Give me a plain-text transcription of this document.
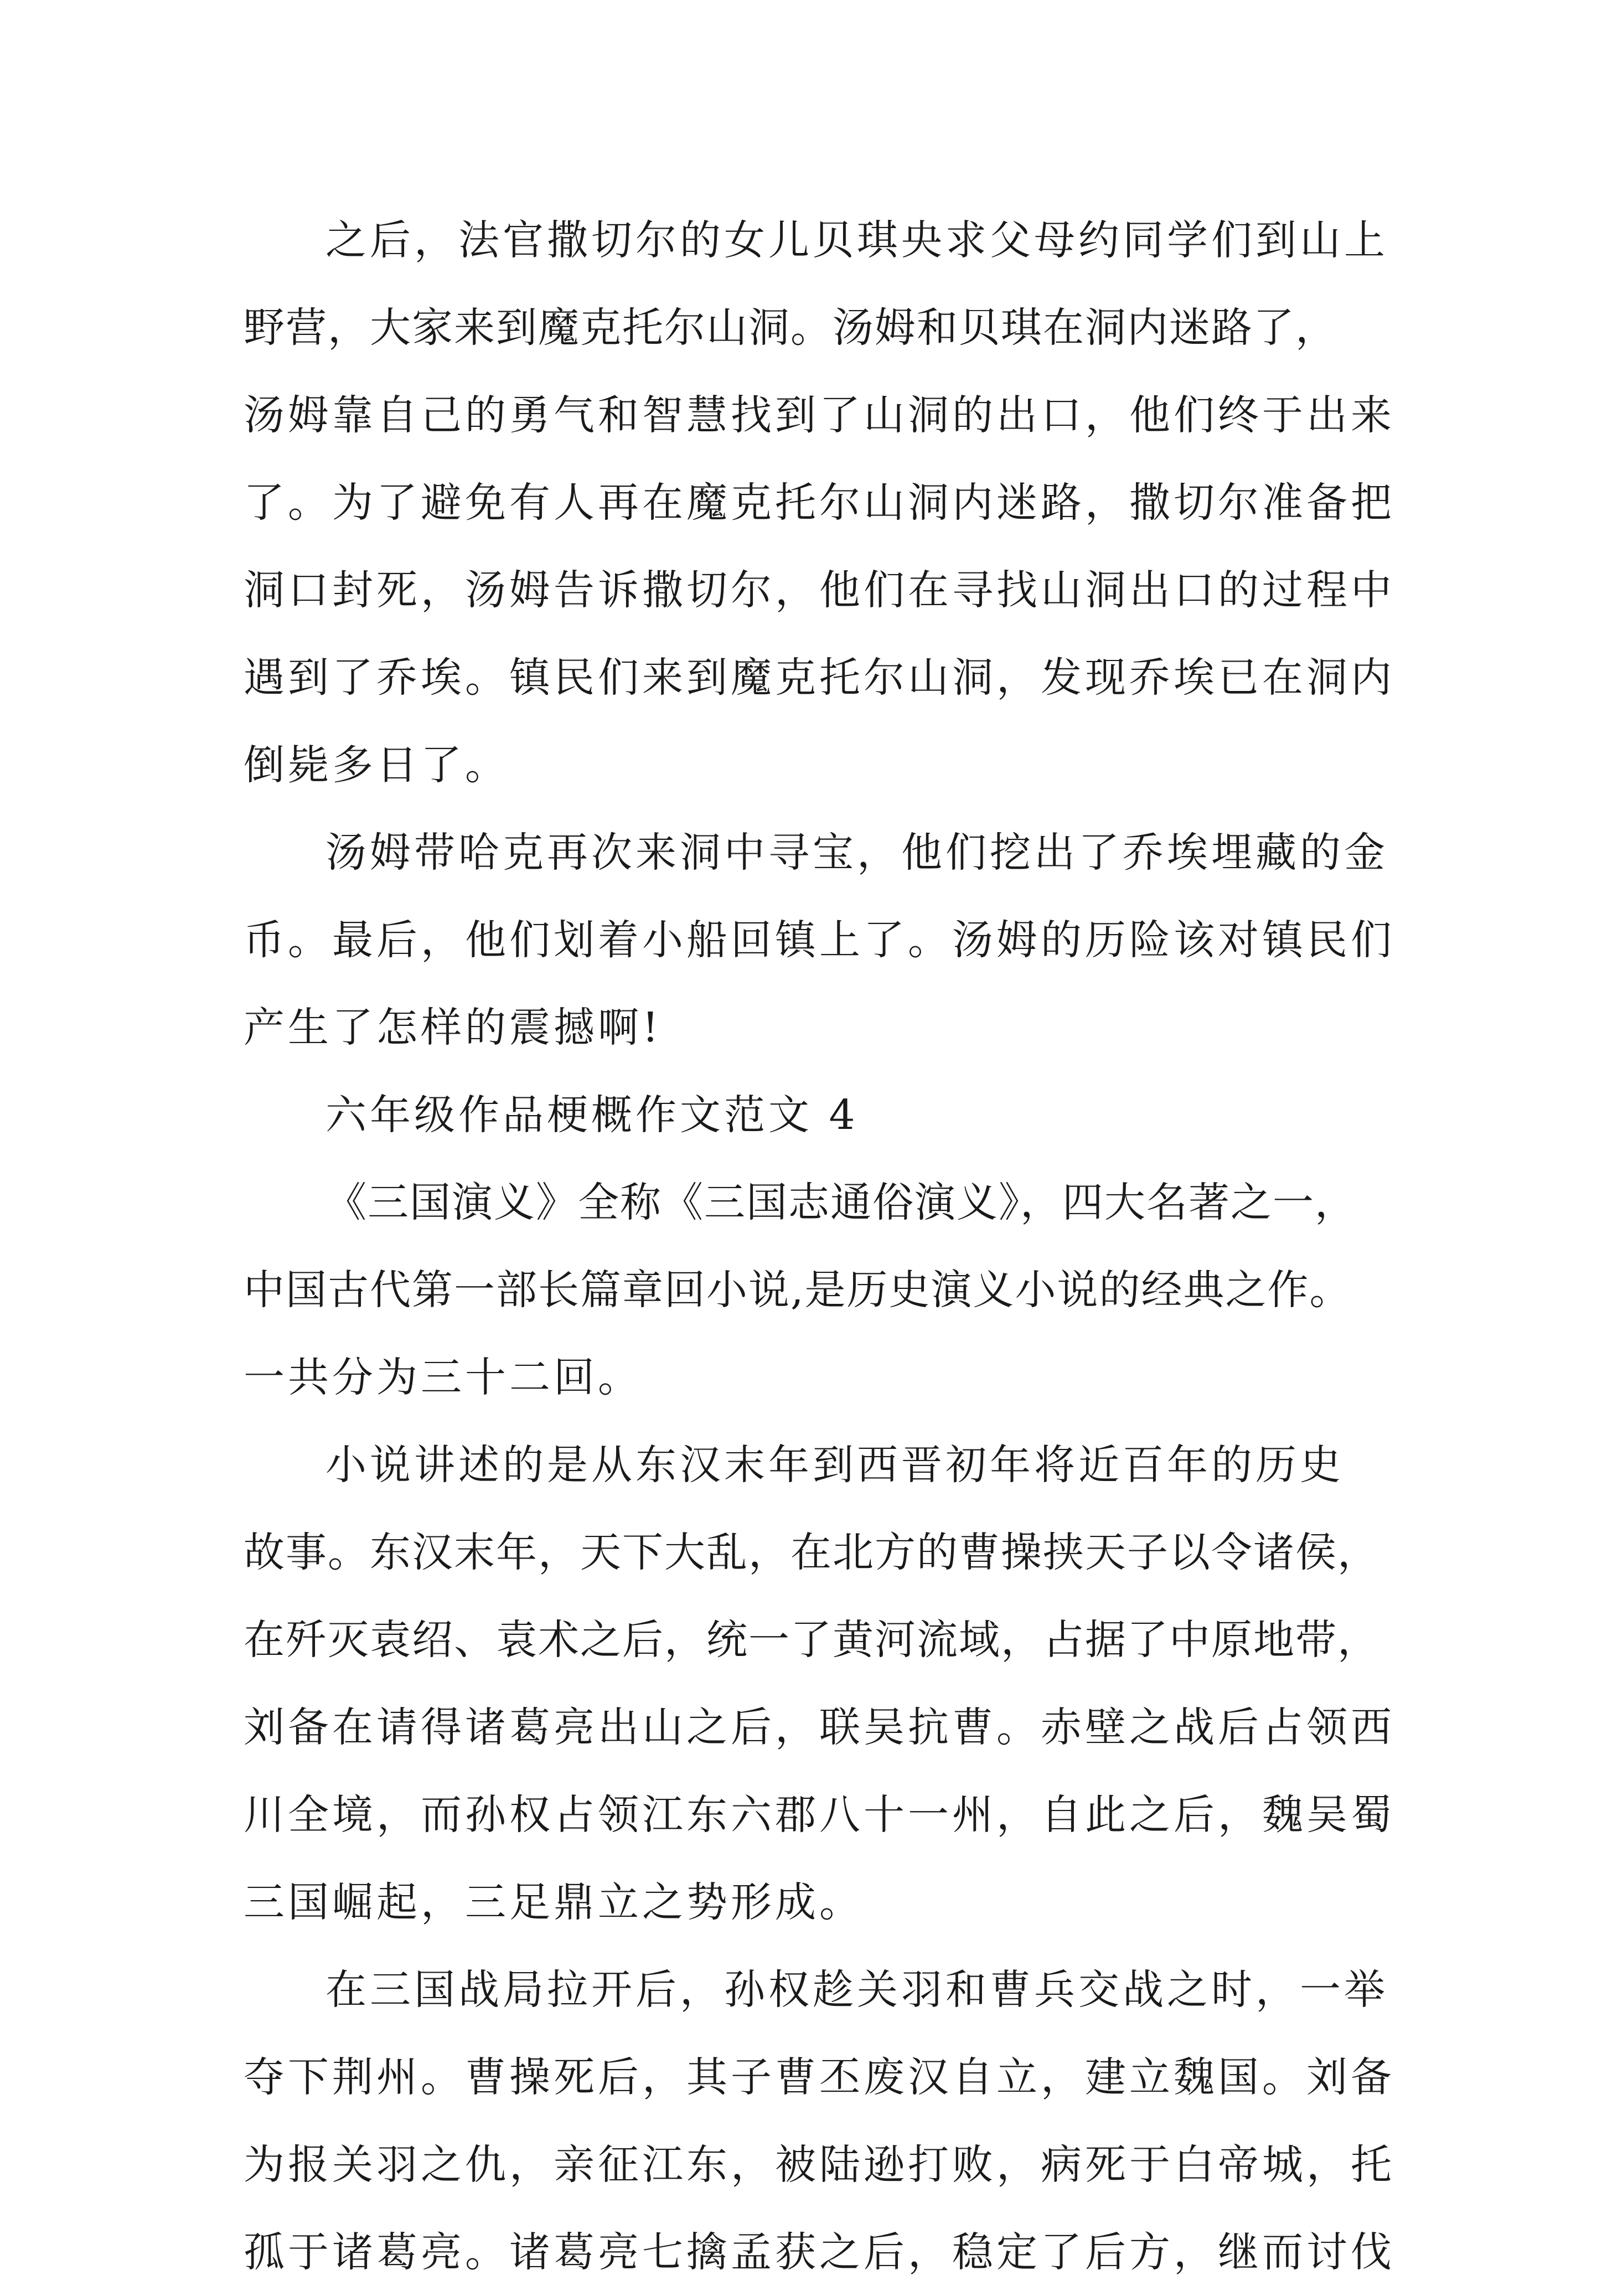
之后，法官撒切尔的女儿贝琪央求父母约同学们到山上
野营，大家来到魔克托尔山洞。汤姆和贝琪在洞内迷路了，
汤姆靠自己的勇气和智慧找到了山洞的出口，他们终于出来
了。为了避免有人再在魔克托尔山洞内迷路，撒切尔准备把
洞口封死，汤姆告诉撒切尔，他们在寻找山洞出口的过程中
遇到了乔埃。镇民们来到魔克托尔山洞，发现乔埃已在洞内
倒毙多日了。
汤姆带哈克再次来洞中寻宝，他们挖出了乔埃埋藏的金
币。最后，他们划着小船回镇上了。汤姆的历险该对镇民们
产生了怎样的震撼啊!
六年级作品梗概作文范文 4
《三国演义》全称《三国志通俗演义》，四大名著之一，
中国古代第一部长篇章回小说,是历史演义小说的经典之作。
一共分为三十二回。
小说讲述的是从东汉末年到西晋初年将近百年的历史
故事。东汉末年，天下大乱，在北方的曹操挟天子以令诸侯，
在歼灭袁绍、袁术之后，统一了黄河流域，占据了中原地带，
刘备在请得诸葛亮出山之后，联吴抗曹。赤壁之战后占领西
川全境，而孙权占领江东六郡八十一州，自此之后，魏吴蜀
三国崛起，三足鼎立之势形成。
在三国战局拉开后，孙权趁关羽和曹兵交战之时，一举
夺下荆州。曹操死后，其子曹丕废汉自立，建立魏国。刘备
为报关羽之仇，亲征江东，被陆逊打败，病死于白帝城，托
孤于诸葛亮。诸葛亮七擒孟获之后，稳定了后方，继而讨伐
